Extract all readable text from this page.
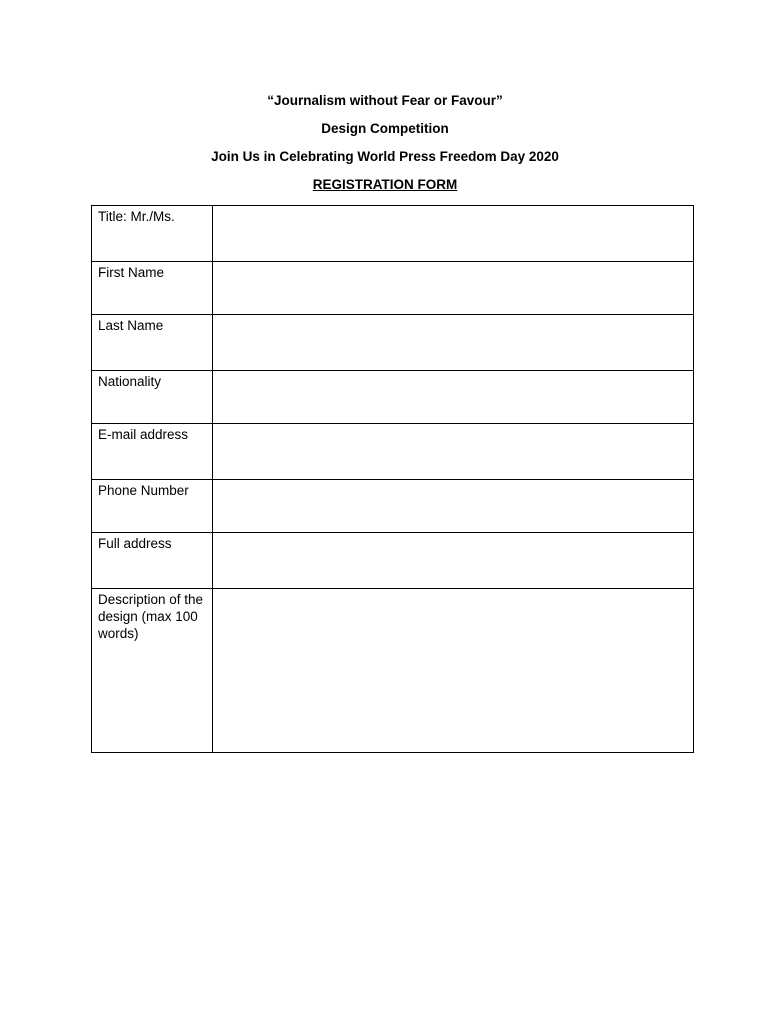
“Journalism without Fear or Favour”
Design Competition
Join Us in Celebrating World Press Freedom Day 2020
REGISTRATION FORM
Title: Mr./Ms.	

First Name	

Last Name	

Nationality	

E-mail address	

Phone Number	

Full address	

Description of the design (max 100 words)	
